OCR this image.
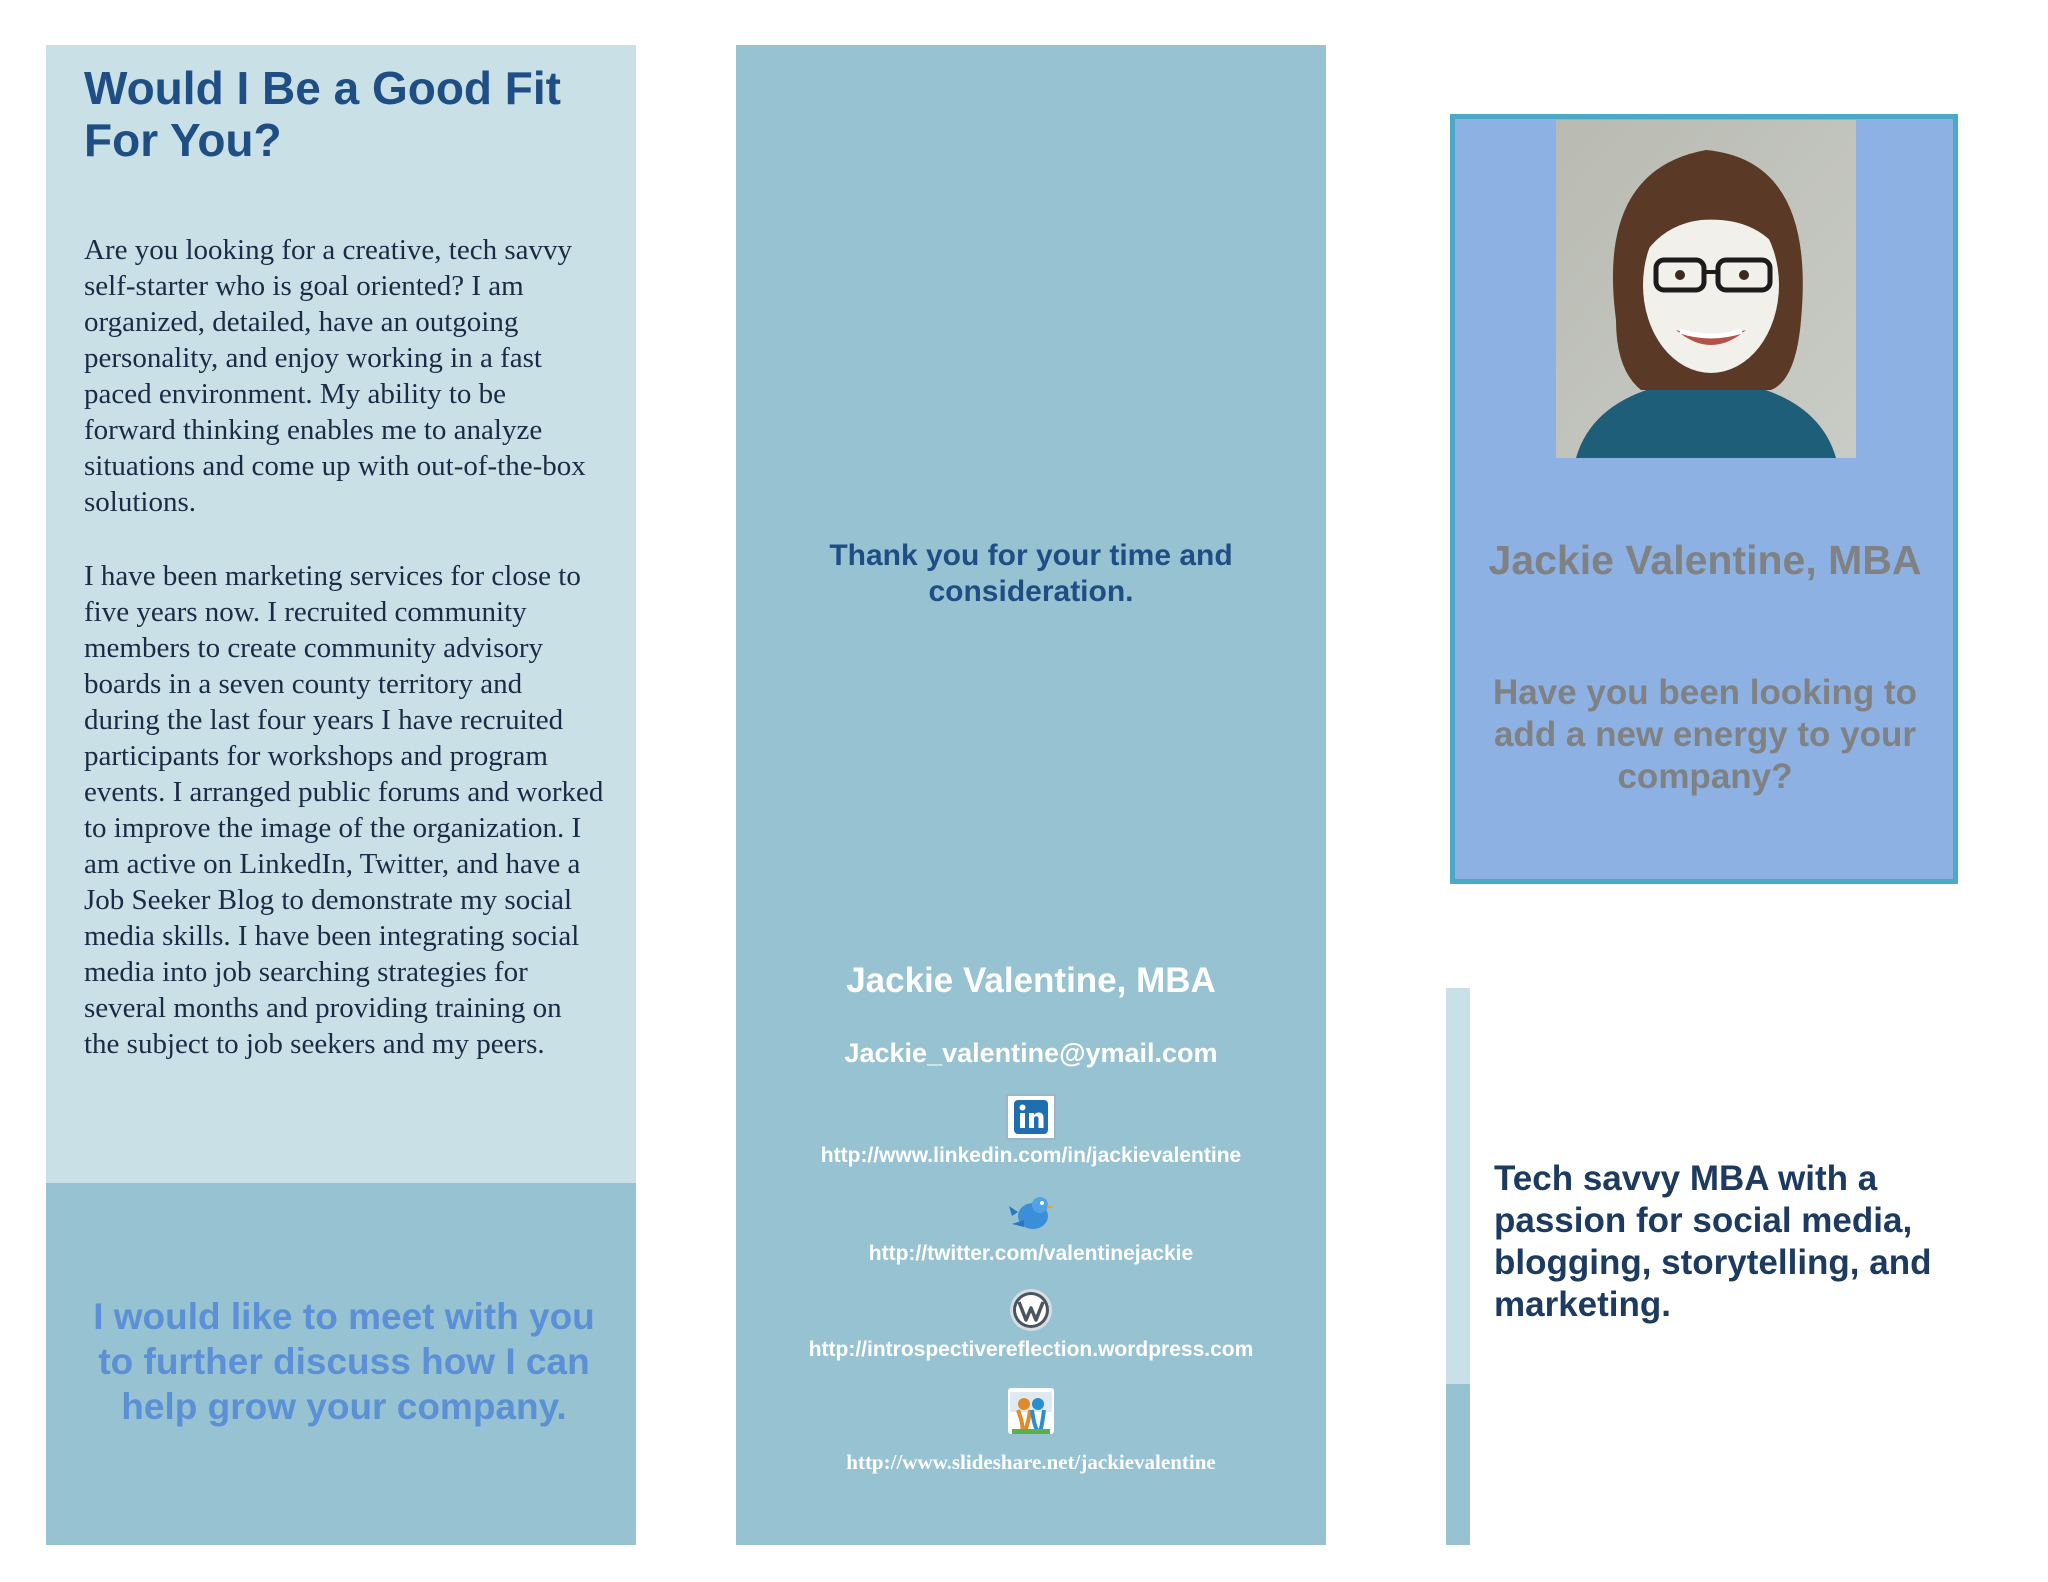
Would I Be a Good Fit For You?

Are you looking for a creative, tech savvy self-starter who is goal oriented? I am organized, detailed, have an outgoing personality, and enjoy working in a fast paced environment. My ability to be forward thinking enables me to analyze situations and come up with out-of-the-box solutions.

I have been marketing services for close to five years now. I recruited community members to create community advisory boards in a seven county territory and during the last four years I have recruited participants for workshops and program events. I arranged public forums and worked to improve the image of the organization. I am active on LinkedIn, Twitter, and have a Job Seeker Blog to demonstrate my social media skills. I have been integrating social media into job searching strategies for several months and providing training on the subject to job seekers and my peers.

I would like to meet with you to further discuss how I can help grow your company.
Thank you for your time and consideration.
Jackie Valentine, MBA
Jackie_valentine@ymail.com
http://www.linkedin.com/in/jackievalentine
http://twitter.com/valentinejackie
http://introspectivereflection.wordpress.com
http://www.slideshare.net/jackievalentine
Jackie Valentine, MBA
Have you been looking to add a new energy to your company?
Tech savvy MBA with a passion for social media, blogging, storytelling, and marketing.
